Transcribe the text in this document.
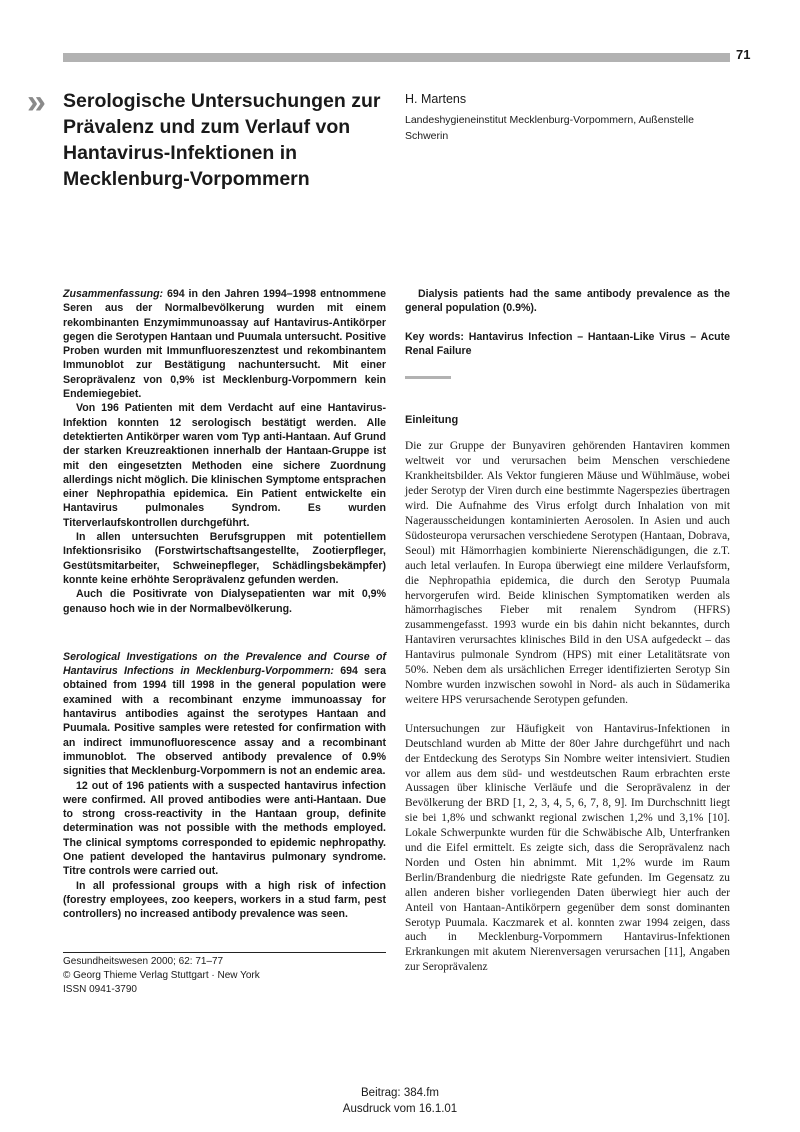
71
» Serologische Untersuchungen zur
Prävalenz und zum Verlauf von
Hantavirus-Infektionen in
Mecklenburg-Vorpommern
H. Martens
Landeshygieneinstitut Mecklenburg-Vorpommern, Außenstelle Schwerin

Zusammenfassung: 694 in den Jahren 1994–1998 entnommene Seren aus der Normalbevölkerung wurden mit einem rekombinanten Enzymimmunoassay auf Hantavirus-Antikörper gegen die Serotypen Hantaan und Puumala untersucht. Positive Proben wurden mit Immunfluoreszenztest und rekombinantem Immunoblot zur Bestätigung nachuntersucht. Mit einer Seroprävalenz von 0,9% ist Mecklenburg-Vorpommern kein Endemiegebiet.

Von 196 Patienten mit dem Verdacht auf eine Hantavirus-Infektion konnten 12 serologisch bestätigt werden. Alle detektierten Antikörper waren vom Typ anti-Hantaan. Auf Grund der starken Kreuzreaktionen innerhalb der Hantaan-Gruppe ist mit den eingesetzten Methoden eine sichere Zuordnung allerdings nicht möglich. Die klinischen Symptome entsprachen einer Nephropathia epidemica. Ein Patient entwickelte ein Hantavirus pulmonales Syndrom. Es wurden Titerverlaufskontrollen durchgeführt.

In allen untersuchten Berufsgruppen mit potentiellem Infektionsrisiko (Forstwirtschaftsangestellte, Zootierpfleger, Gestütsmitarbeiter, Schweinepfleger, Schädlingsbekämpfer) konnte keine erhöhte Seroprävalenz gefunden werden.

Auch die Positivrate von Dialysepatienten war mit 0,9% genauso hoch wie in der Normalbevölkerung.

Serological Investigations on the Prevalence and Course of Hantavirus Infections in Mecklenburg-Vorpommern: 694 sera obtained from 1994 till 1998 in the general population were examined with a recombinant enzyme immunoassay for hantavirus antibodies against the serotypes Hantaan and Puumala. Positive samples were retested for confirmation with an indirect immunofluorescence assay and a recombinant immunoblot. The observed antibody prevalence of 0.9% signities that Mecklenburg-Vorpommern is not an endemic area.

12 out of 196 patients with a suspected hantavirus infection were confirmed. All proved antibodies were anti-Hantaan. Due to strong cross-reactivity in the Hantaan group, definite determination was not possible with the methods employed. The clinical symptoms corresponded to epidemic nephropathy. One patient developed the hantavirus pulmonary syndrome. Titre controls were carried out.

In all professional groups with a high risk of infection (forestry employees, zoo keepers, workers in a stud farm, pest controllers) no increased antibody prevalence was seen.

Dialysis patients had the same antibody prevalence as the general population (0.9%).

Key words: Hantavirus Infection – Hantaan-Like Virus – Acute Renal Failure

Einleitung

Die zur Gruppe der Bunyaviren gehörenden Hantaviren kommen weltweit vor und verursachen beim Menschen verschiedene Krankheitsbilder. Als Vektor fungieren Mäuse und Wühlmäuse, wobei jeder Serotyp der Viren durch eine bestimmte Nagerspezies übertragen wird. Die Aufnahme des Virus erfolgt durch Inhalation von mit Nagerausscheidungen kontaminierten Aerosolen. In Asien und auch Südosteuropa verursachen verschiedene Serotypen (Hantaan, Dobrava, Seoul) mit Hämorrhagien kombinierte Nierenschädigungen, die z.T. auch letal verlaufen. In Europa überwiegt eine mildere Verlaufsform, die Nephropathia epidemica, die durch den Serotyp Puumala hervorgerufen wird. Beide klinischen Symptomatiken werden als hämorrhagisches Fieber mit renalem Syndrom (HFRS) zusammengefasst. 1993 wurde ein bis dahin nicht bekanntes, durch Hantaviren verursachtes klinisches Bild in den USA aufgedeckt – das Hantavirus pulmonale Syndrom (HPS) mit einer Letalitätsrate von 50%. Neben dem als ursächlichen Erreger identifizierten Serotyp Sin Nombre wurden inzwischen sowohl in Nord- als auch in Südamerika weitere HPS verursachende Serotypen gefunden.

Untersuchungen zur Häufigkeit von Hantavirus-Infektionen in Deutschland wurden ab Mitte der 80er Jahre durchgeführt und nach der Entdeckung des Serotyps Sin Nombre weiter intensiviert. Studien vor allem aus dem süd- und westdeutschen Raum erbrachten erste Aussagen über klinische Verläufe und die Seroprävalenz in der Bevölkerung der BRD [1, 2, 3, 4, 5, 6, 7, 8, 9]. Im Durchschnitt liegt sie bei 1,8% und schwankt regional zwischen 1,2% und 3,1% [10]. Lokale Schwerpunkte wurden für die Schwäbische Alb, Unterfranken und die Eifel ermittelt. Es zeigte sich, dass die Seroprävalenz nach Norden und Osten hin abnimmt. Mit 1,2% wurde im Raum Berlin/Brandenburg die niedrigste Rate gefunden. Im Gegensatz zu allen anderen bisher vorliegenden Daten überwiegt hier auch der Anteil von Hantaan-Antikörpern gegenüber dem sonst dominanten Serotyp Puumala. Kaczmarek et al. konnten zwar 1994 zeigen, dass auch in Mecklenburg-Vorpommern Hantavirus-Infektionen Erkrankungen mit akutem Nierenversagen verursachen [11], Angaben zur Seroprävalenz

Gesundheitswesen 2000; 62: 71–77
© Georg Thieme Verlag Stuttgart · New York
ISSN 0941-3790
Beitrag: 384.fm
Ausdruck vom 16.1.01
